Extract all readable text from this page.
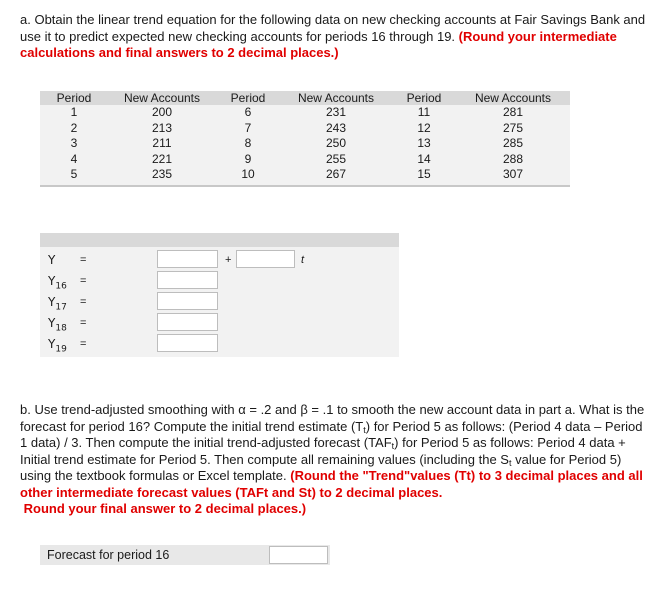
a. Obtain the linear trend equation for the following data on new checking accounts at Fair Savings Bank and use it to predict expected new checking accounts for periods 16 through 19. (Round your intermediate calculations and final answers to 2 decimal places.)
Period
1
2
3
4
5
New Accounts
200
213
211
221
235
Period
6
7
8
9
10
New Accounts
231
243
250
255
267
Period
11
12
13
14
15
New Accounts
281
275
285
288
307
Y =	+	t
$Y_{16}$ =
$Y_{17}$ =
$Y_{18}$ =
$Y_{19}$ =
b. Use trend-adjusted smoothing with α = .2 and β = .1 to smooth the new account data in part a. What is the forecast for period 16? Compute the initial trend estimate $(T_t)$ for Period 5 as follows: (Period 4 data – Period 1 data) / 3. Then compute the initial trend-adjusted forecast $(TAF_t)$ for Period 5 as follows: Period 4 data + Initial trend estimate for Period 5. Then compute all remaining values (including the $S_t$ value for Period 5) using the textbook formulas or Excel template. (Round the "Trend"values (Tt) to 3 decimal places and all other intermediate forecast values (TAFt and St) to 2 decimal places.
Round your final answer to 2 decimal places.)
Forecast for period 16
